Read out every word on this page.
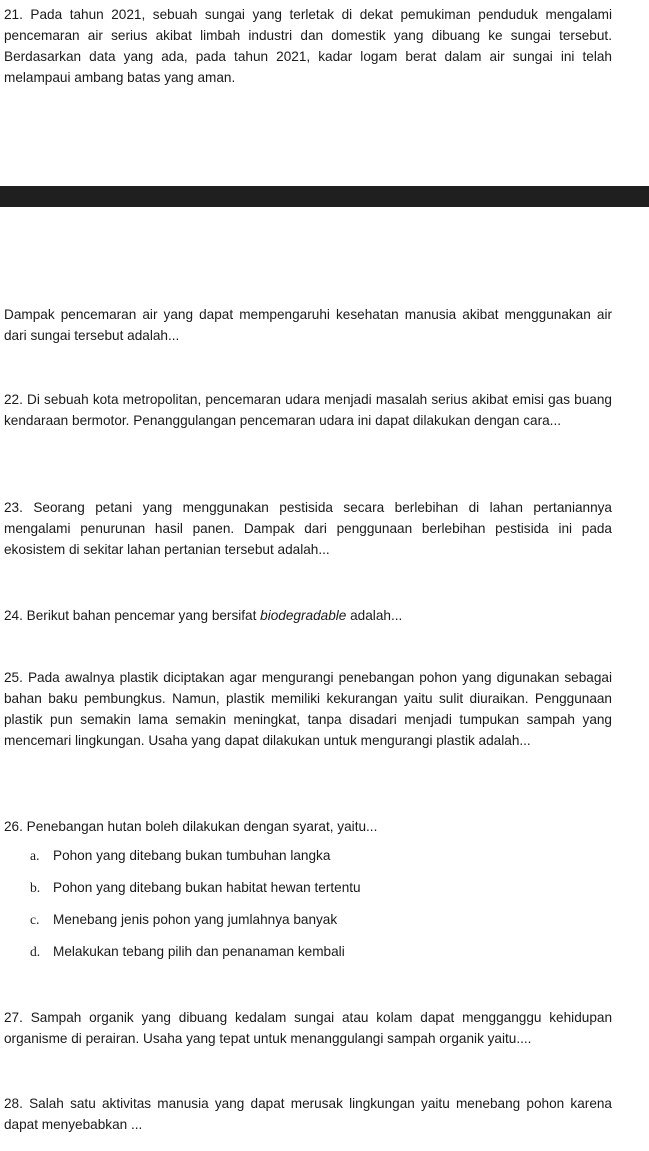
21. Pada tahun 2021, sebuah sungai yang terletak di dekat pemukiman penduduk mengalami pencemaran air serius akibat limbah industri dan domestik yang dibuang ke sungai tersebut. Berdasarkan data yang ada, pada tahun 2021, kadar logam berat dalam air sungai ini telah melampaui ambang batas yang aman.
Dampak pencemaran air yang dapat mempengaruhi kesehatan manusia akibat menggunakan air dari sungai tersebut adalah...
22. Di sebuah kota metropolitan, pencemaran udara menjadi masalah serius akibat emisi gas buang kendaraan bermotor. Penanggulangan pencemaran udara ini dapat dilakukan dengan cara...
23. Seorang petani yang menggunakan pestisida secara berlebihan di lahan pertaniannya mengalami penurunan hasil panen. Dampak dari penggunaan berlebihan pestisida ini pada ekosistem di sekitar lahan pertanian tersebut adalah...
24. Berikut bahan pencemar yang bersifat biodegradable adalah...
25. Pada awalnya plastik diciptakan agar mengurangi penebangan pohon yang digunakan sebagai bahan baku pembungkus. Namun, plastik memiliki kekurangan yaitu sulit diuraikan. Penggunaan plastik pun semakin lama semakin meningkat, tanpa disadari menjadi tumpukan sampah yang mencemari lingkungan. Usaha yang dapat dilakukan untuk mengurangi plastik adalah...
26. Penebangan hutan boleh dilakukan dengan syarat, yaitu...
a. Pohon yang ditebang bukan tumbuhan langka
b. Pohon yang ditebang bukan habitat hewan tertentu
c. Menebang jenis pohon yang jumlahnya banyak
d. Melakukan tebang pilih dan penanaman kembali
27. Sampah organik yang dibuang kedalam sungai atau kolam dapat mengganggu kehidupan organisme di perairan. Usaha yang tepat untuk menanggulangi sampah organik yaitu....
28. Salah satu aktivitas manusia yang dapat merusak lingkungan yaitu menebang pohon karena dapat menyebabkan ...
